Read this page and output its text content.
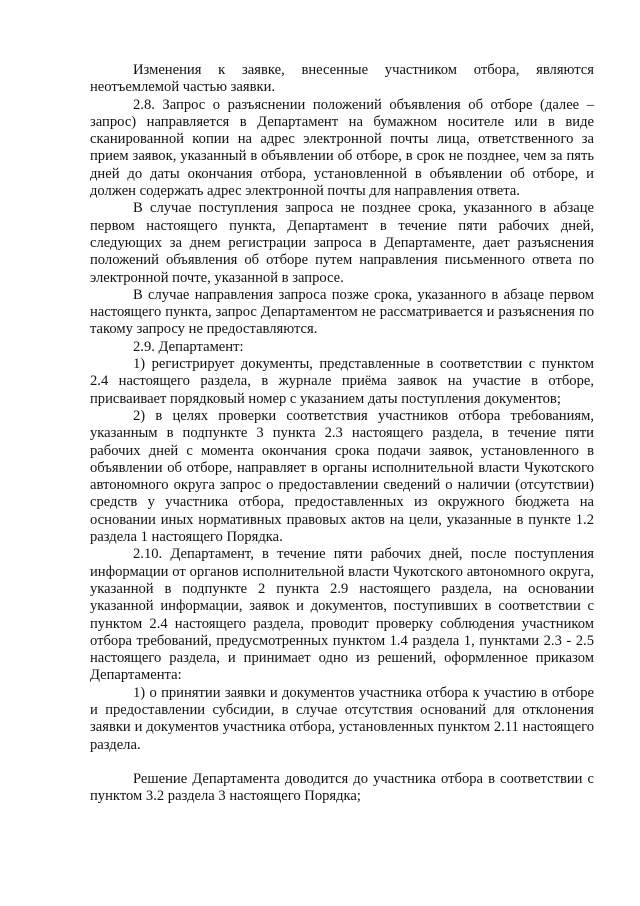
Изменения к заявке, внесенные участником отбора, являются неотъемлемой частью заявки.

2.8. Запрос о разъяснении положений объявления об отборе (далее – запрос) направляется в Департамент на бумажном носителе или в виде сканированной копии на адрес электронной почты лица, ответственного за прием заявок, указанный в объявлении об отборе, в срок не позднее, чем за пять дней до даты окончания отбора, установленной в объявлении об отборе, и должен содержать адрес электронной почты для направления ответа.

В случае поступления запроса не позднее срока, указанного в абзаце первом настоящего пункта, Департамент в течение пяти рабочих дней, следующих за днем регистрации запроса в Департаменте, дает разъяснения положений объявления об отборе путем направления письменного ответа по электронной почте, указанной в запросе.

В случае направления запроса позже срока, указанного в абзаце первом настоящего пункта, запрос Департаментом не рассматривается и разъяснения по такому запросу не предоставляются.

2.9. Департамент:

1) регистрирует документы, представленные в соответствии с пунктом 2.4 настоящего раздела, в журнале приёма заявок на участие в отборе, присваивает порядковый номер с указанием даты поступления документов;

2) в целях проверки соответствия участников отбора требованиям, указанным в подпункте 3 пункта 2.3 настоящего раздела, в течение пяти рабочих дней с момента окончания срока подачи заявок, установленного в объявлении об отборе, направляет в органы исполнительной власти Чукотского автономного округа запрос о предоставлении сведений о наличии (отсутствии) средств у участника отбора, предоставленных из окружного бюджета на основании иных нормативных правовых актов на цели, указанные в пункте 1.2 раздела 1 настоящего Порядка.

2.10. Департамент, в течение пяти рабочих дней, после поступления информации от органов исполнительной власти Чукотского автономного округа, указанной в подпункте 2 пункта 2.9 настоящего раздела, на основании указанной информации, заявок и документов, поступивших в соответствии с пунктом 2.4 настоящего раздела, проводит проверку соблюдения участником отбора требований, предусмотренных пунктом 1.4 раздела 1, пунктами 2.3 - 2.5 настоящего раздела, и принимает одно из решений, оформленное приказом Департамента:

1) о принятии заявки и документов участника отбора к участию в отборе и предоставлении субсидии, в случае отсутствия оснований для отклонения заявки и документов участника отбора, установленных пунктом 2.11 настоящего раздела.

Решение Департамента доводится до участника отбора в соответствии с пунктом 3.2 раздела 3 настоящего Порядка;
